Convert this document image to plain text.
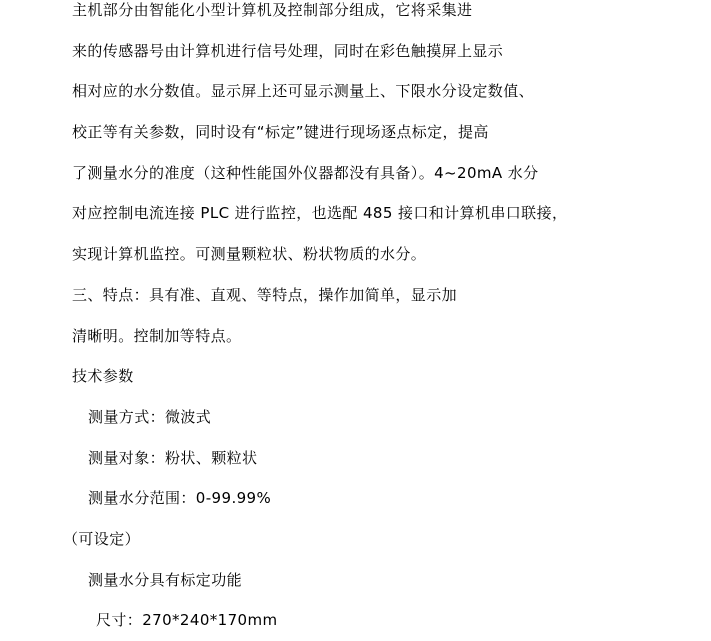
主机部分由智能化小型计算机及控制部分组成，它将采集进
来的传感器号由计算机进行信号处理，同时在彩色触摸屏上显示
相对应的水分数值。显示屏上还可显示测量上、下限水分设定数值、
校正等有关参数，同时设有“标定”键进行现场逐点标定，提高
了测量水分的准度（这种性能国外仪器都没有具备）。4~20mA 水分
对应控制电流连接 PLC 进行监控，也选配 485 接口和计算机串口联接，
实现计算机监控。可测量颗粒状、粉状物质的水分。
三、特点：具有准、直观、等特点，操作加简单，显示加
清晰明。控制加等特点。
技术参数
测量方式：微波式
测量对象：粉状、颗粒状
测量水分范围：0-99.99%
（可设定）
测量水分具有标定功能
尺寸：270*240*170mm
